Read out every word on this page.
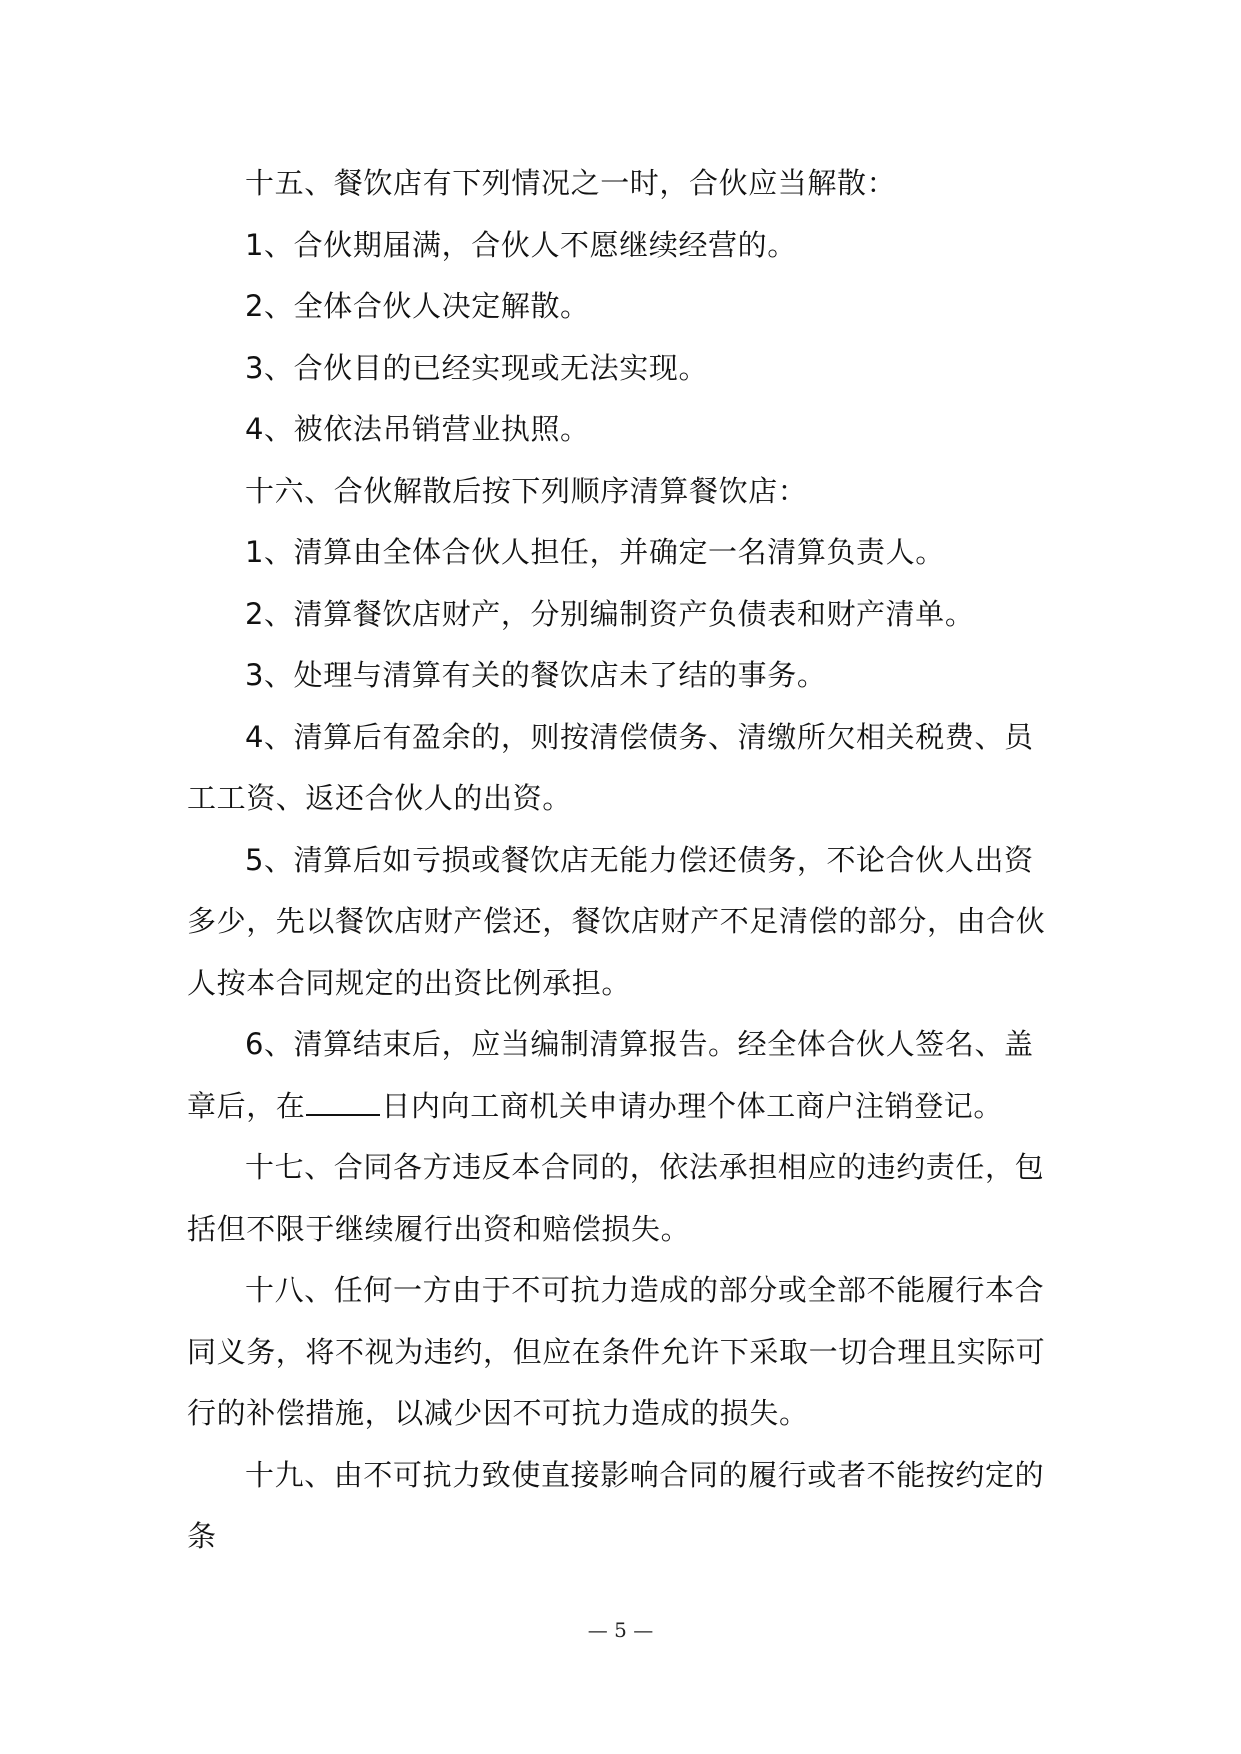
十五、餐饮店有下列情况之一时，合伙应当解散：

1、合伙期届满，合伙人不愿继续经营的。

2、全体合伙人决定解散。

3、合伙目的已经实现或无法实现。

4、被依法吊销营业执照。

十六、合伙解散后按下列顺序清算餐饮店：

1、清算由全体合伙人担任，并确定一名清算负责人。

2、清算餐饮店财产，分别编制资产负债表和财产清单。

3、处理与清算有关的餐饮店未了结的事务。

4、清算后有盈余的，则按清偿债务、清缴所欠相关税费、员工工资、返还合伙人的出资。

5、清算后如亏损或餐饮店无能力偿还债务，不论合伙人出资多少，先以餐饮店财产偿还，餐饮店财产不足清偿的部分，由合伙人按本合同规定的出资比例承担。

6、清算结束后，应当编制清算报告。经全体合伙人签名、盖章后，在	日内向工商机关申请办理个体工商户注销登记。

十七、合同各方违反本合同的，依法承担相应的违约责任，包括但不限于继续履行出资和赔偿损失。

十八、任何一方由于不可抗力造成的部分或全部不能履行本合同义务，将不视为违约，但应在条件允许下采取一切合理且实际可行的补偿措施，以减少因不可抗力造成的损失。

十九、由不可抗力致使直接影响合同的履行或者不能按约定的条

— 5 —
